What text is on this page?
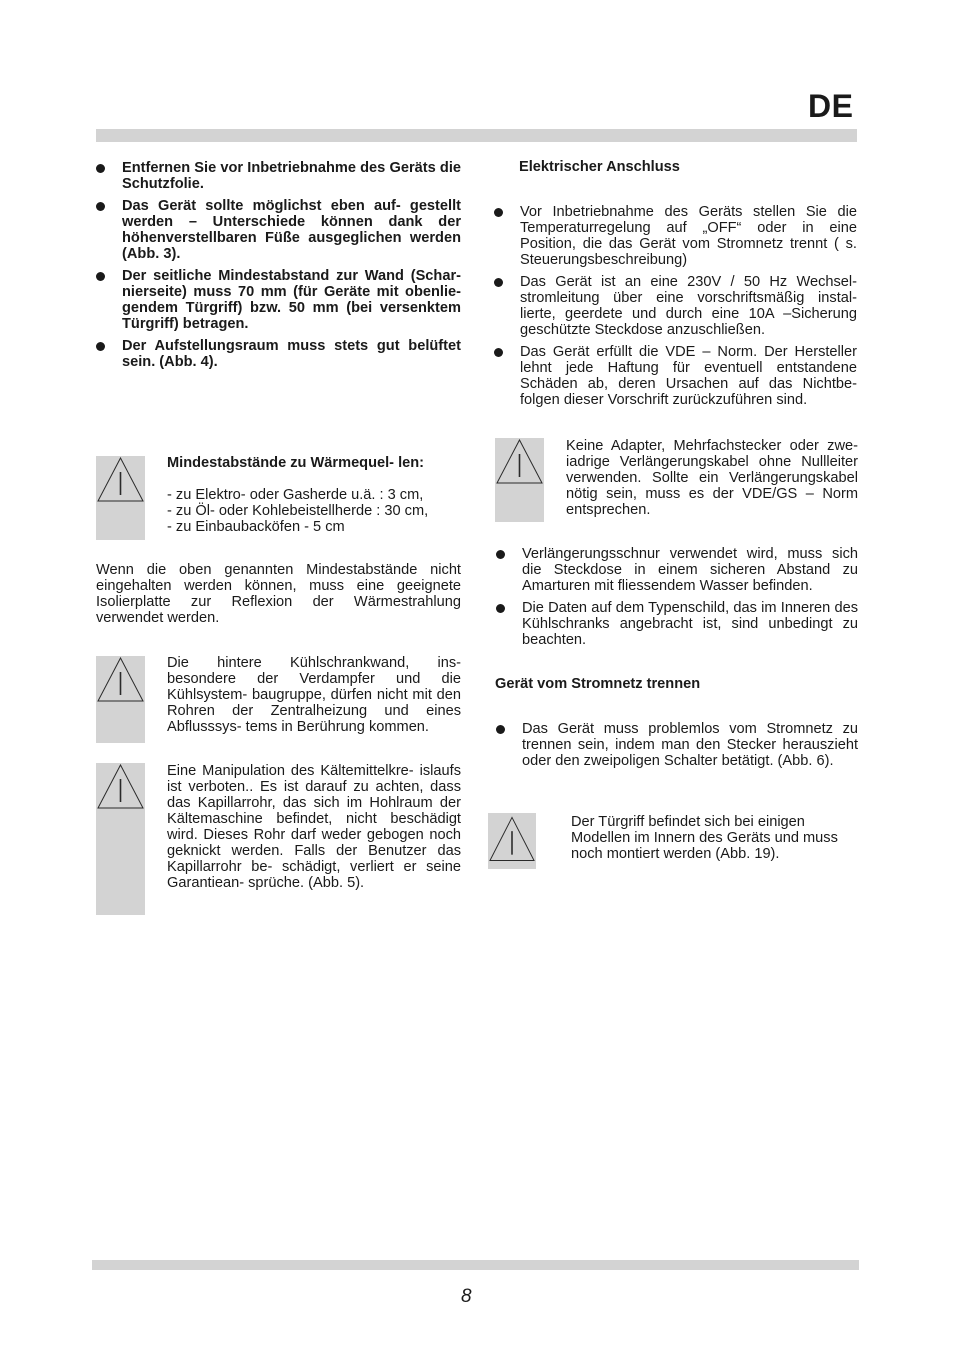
DE
Entfernen Sie vor Inbetriebnahme des Geräts die Schutzfolie.
Das Gerät sollte möglichst eben auf- gestellt werden – Unterschiede können dank der höhenverstellbaren Füße ausgeglichen werden (Abb. 3).
Der seitliche Mindestabstand zur Wand (Schar- nierseite) muss 70 mm (für Geräte mit obenlie- gendem Türgriff) bzw. 50 mm (bei versenktem Türgriff) betragen.
Der Aufstellungsraum muss stets gut belüftet sein. (Abb. 4).
Mindestabstände zu Wärmequel- len:
- zu Elektro- oder Gasherde u.ä. : 3 cm,
- zu Öl- oder Kohlebeistellherde : 30 cm,
- zu Einbaubacköfen - 5 cm
Wenn die oben genannten Mindestabstände nicht eingehalten werden können, muss eine geeignete Isolierplatte zur Reflexion der Wärmestrahlung verwendet werden.
Die hintere Kühlschrankwand, ins- besondere der Verdampfer und die Kühlsystem- baugruppe, dürfen nicht mit den Rohren der Zentralheizung und eines Abflusssys- tems in Berührung kommen.
Eine Manipulation des Kältemittelkre- islaufs ist verboten.. Es ist darauf zu achten, dass das Kapillarrohr, das sich im Hohlraum der Kältemaschine befindet, nicht beschädigt wird. Dieses Rohr darf weder gebogen noch geknickt werden. Falls der Benutzer das Kapillarrohr be- schädigt, verliert er seine Garantiean- sprüche. (Abb. 5).
Elektrischer Anschluss
Vor Inbetriebnahme des Geräts stellen Sie die Temperaturregelung auf „OFF“ oder in eine Position, die das Gerät vom Stromnetz trennt ( s. Steuerungsbeschreibung)
Das Gerät ist an eine 230V / 50 Hz Wechsel- stromleitung über eine vorschriftsmäßig instal- lierte, geerdete und durch eine 10A –Sicherung geschützte Steckdose anzuschließen.
Das Gerät erfüllt die VDE – Norm. Der Hersteller lehnt jede Haftung für eventuell entstandene Schäden ab, deren Ursachen auf das Nichtbe- folgen dieser Vorschrift zurückzuführen sind.
Keine Adapter, Mehrfachstecker oder zwe- iadrige Verlängerungskabel ohne Nullleiter verwenden. Sollte ein Verlängerungskabel nötig sein, muss es der VDE/GS – Norm entsprechen.
Verlängerungsschnur verwendet wird, muss sich die Steckdose in einem sicheren Abstand zu Amarturen mit fliessendem Wasser befinden.
Die Daten auf dem Typenschild, das im Inneren des Kühlschranks angebracht ist, sind unbedingt zu beachten.
Gerät vom Stromnetz trennen
Das Gerät muss problemlos vom Stromnetz zu trennen sein, indem man den Stecker herauszieht oder den zweipoligen Schalter betätigt. (Abb. 6).
Der Türgriff befindet sich bei einigen Modellen im Innern des Geräts und muss noch montiert werden (Abb. 19).
8
